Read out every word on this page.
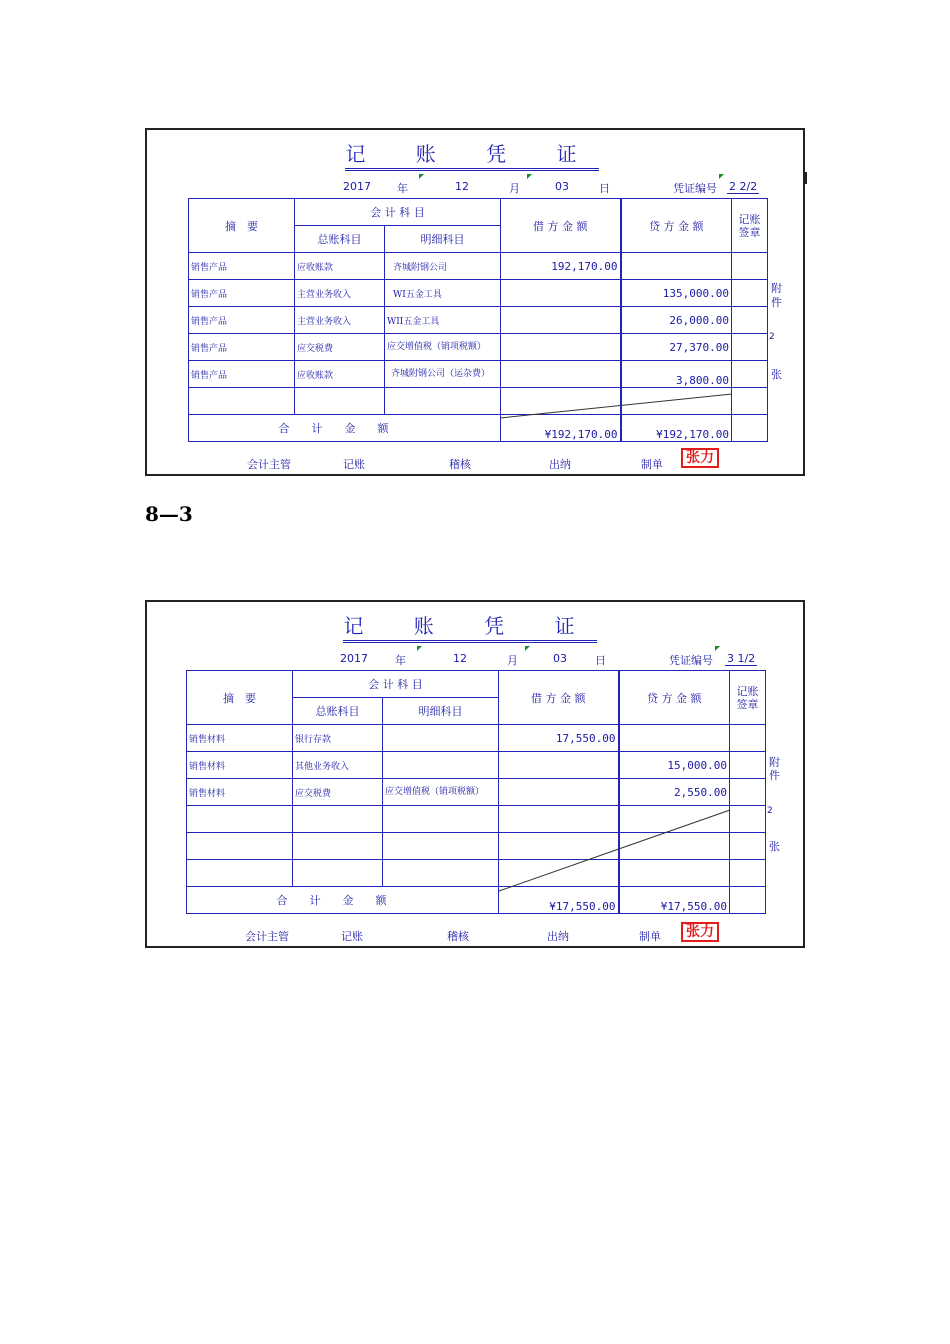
记 账 凭 证
2017 年	12	月	03	日	凭证编号 2 2/2
摘　要	会 计 科 目		借 方 金 额	贷 方 金 额	记账
签章
	总账科目	明细科目			
销售产品	应收账款	齐城附钢公司	192,170.00		
销售产品	主营业务收入	WI五金工具		135,000.00	
销售产品	主营业务收入	WII五金工具		26,000.00	
销售产品	应交税费	应交增值税（销项税额）		27,370.00	
销售产品	应收账款	齐城附钢公司（运杂费）		3,800.00	

合计金额			¥192,170.00	¥192,170.00	
附
件
2
张
会计主管	记账	稽核	出纳	制单	张力
8—3
记 账 凭 证
2017 年	12	月	03	日	凭证编号 3 1/2
摘　要	会 计 科 目		借 方 金 额	贷 方 金 额	记账
签章
	总账科目	明细科目			
销售材料	银行存款		17,550.00		
销售材料	其他业务收入			15,000.00	
销售材料	应交税费	应交增值税（销项税额）		2,550.00	

合计金额			¥17,550.00	¥17,550.00	
附
件
2
张
会计主管	记账	稽核	出纳	制单	张力
